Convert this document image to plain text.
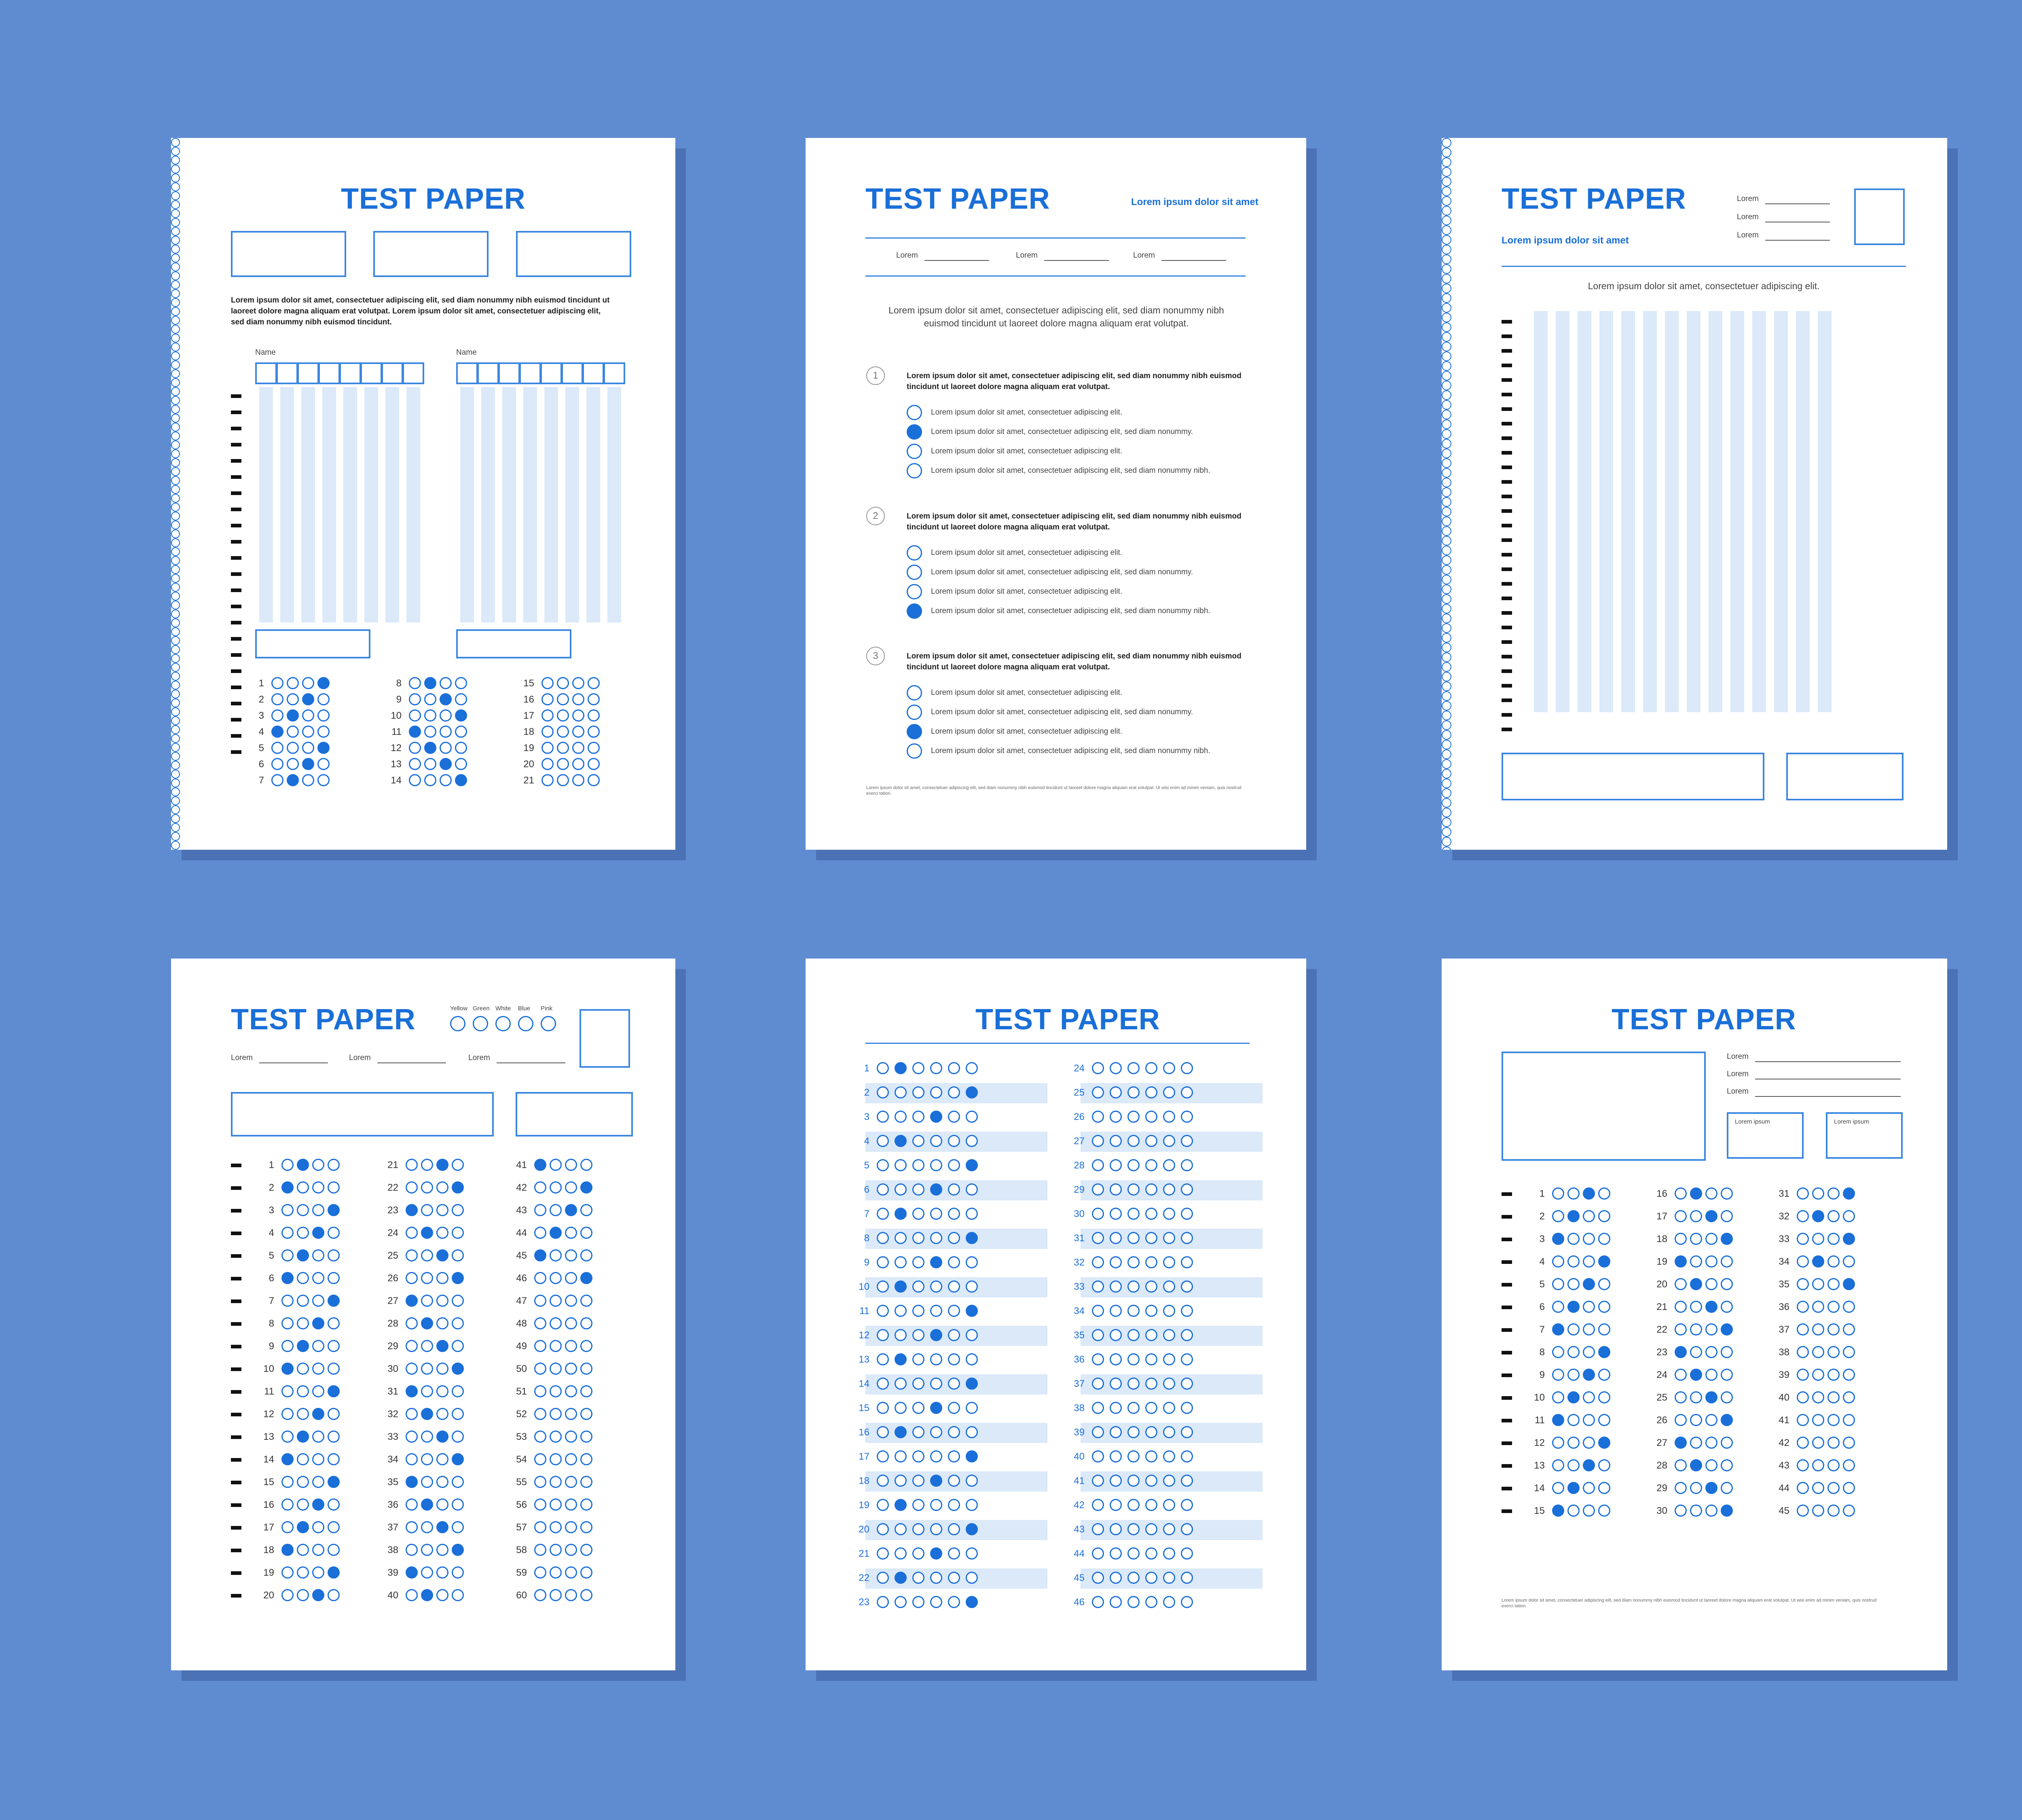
TEST PAPER
Lorem ipsum dolor sit amet, consectetuer adipiscing elit, sed diam nonummy nibh euismod tincidunt ut laoreet dolore magna aliquam erat volutpat. Lorem ipsum dolor sit amet, consectetuer adipiscing elit, sed diam nonummy nibh euismod tincidunt.
Name	Name
1	8	15
2	9	16
3	10	17
4	11	18
5	12	19
6	13	20
7	14	21
TEST PAPER	Lorem ipsum dolor sit amet
Lorem	Lorem	Lorem
Lorem ipsum dolor sit amet, consectetuer adipiscing elit, sed diam nonummy nibh euismod tincidunt ut laoreet dolore magna aliquam erat volutpat.
1	Lorem ipsum dolor sit amet, consectetuer adipiscing elit, sed diam nonummy nibh euismod tincidunt ut laoreet dolore magna aliquam erat volutpat.
Lorem ipsum dolor sit amet, consectetuer adipiscing elit.
Lorem ipsum dolor sit amet, consectetuer adipiscing elit, sed diam nonummy.
Lorem ipsum dolor sit amet, consectetuer adipiscing elit.
Lorem ipsum dolor sit amet, consectetuer adipiscing elit, sed diam nonummy nibh.
2	Lorem ipsum dolor sit amet, consectetuer adipiscing elit, sed diam nonummy nibh euismod tincidunt ut laoreet dolore magna aliquam erat volutpat.
Lorem ipsum dolor sit amet, consectetuer adipiscing elit.
Lorem ipsum dolor sit amet, consectetuer adipiscing elit, sed diam nonummy.
Lorem ipsum dolor sit amet, consectetuer adipiscing elit.
Lorem ipsum dolor sit amet, consectetuer adipiscing elit, sed diam nonummy nibh.
3	Lorem ipsum dolor sit amet, consectetuer adipiscing elit, sed diam nonummy nibh euismod tincidunt ut laoreet dolore magna aliquam erat volutpat.
Lorem ipsum dolor sit amet, consectetuer adipiscing elit.
Lorem ipsum dolor sit amet, consectetuer adipiscing elit, sed diam nonummy.
Lorem ipsum dolor sit amet, consectetuer adipiscing elit.
Lorem ipsum dolor sit amet, consectetuer adipiscing elit, sed diam nonummy nibh.
Lorem ipsum dolor sit amet, consectetuer adipiscing elit, sed diam nonummy nibh euismod tincidunt ut laoreet dolore magna aliquam erat volutpat. Ut wisi enim ad minim veniam, quis nostrud exerci tation.
TEST PAPER
Lorem ipsum dolor sit amet
Lorem
Lorem
Lorem
Lorem ipsum dolor sit amet, consectetuer adipiscing elit.
TEST PAPER	Yellow Green White Blue Pink
Lorem	Lorem	Lorem
1	21	41
2	22	42
3	23	43
4	24	44
5	25	45
6	26	46
7	27	47
8	28	48
9	29	49
10	30	50
11	31	51
12	32	52
13	33	53
14	34	54
15	35	55
16	36	56
17	37	57
18	38	58
19	39	59
20	40	60
TEST PAPER
1	24
2	25
3	26
4	27
5	28
6	29
7	30
8	31
9	32
10	33
11	34
12	35
13	36
14	37
15	38
16	39
17	40
18	41
19	42
20	43
21	44
22	45
23	46
TEST PAPER
Lorem
Lorem
Lorem
Lorem ipsum	Lorem ipsum
1	16	31
2	17	32
3	18	33
4	19	34
5	20	35
6	21	36
7	22	37
8	23	38
9	24	39
10	25	40
11	26	41
12	27	42
13	28	43
14	29	44
15	30	45
Lorem ipsum dolor sit amet, consectetuer adipiscing elit, sed diam nonummy nibh euismod tincidunt ut laoreet dolore magna aliquam erat volutpat. Ut wisi enim ad minim veniam, quis nostrud exerci tation.
